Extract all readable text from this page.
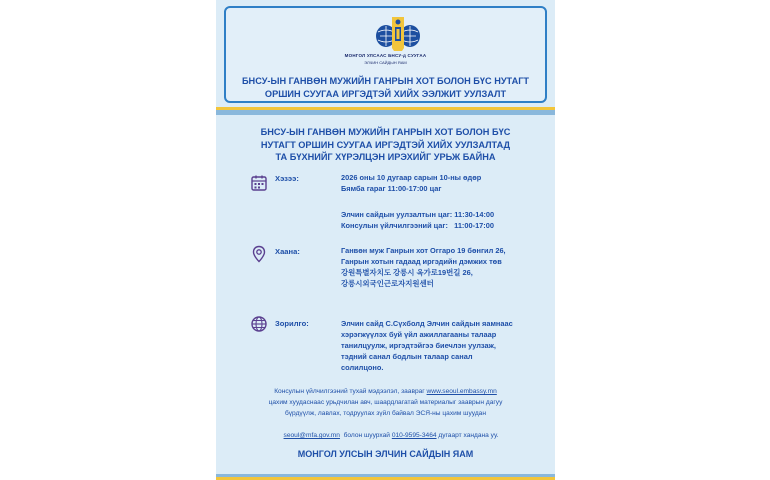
МОНГОЛ УЛСААС БНСУ-д СУУГАА
ЭЛЧИН САЙДЫН ЯАМ
БНСУ-ЫН ГАНВӨН МУЖИЙН ГАНРЫН ХОТ БОЛОН БҮС НУТАГТ
ОРШИН СУУГАА ИРГЭДТЭЙ ХИЙХ ЭЭЛЖИТ УУЛЗАЛТ
БНСУ-ЫН ГАНВӨН МУЖИЙН ГАНРЫН ХОТ БОЛОН БҮС
НУТАГТ ОРШИН СУУГАА ИРГЭДТЭЙ ХИЙХ УУЛЗАЛТАД
ТА БҮХНИЙГ ХҮРЭЛЦЭН ИРЭХИЙГ УРЬЖ БАЙНА
Хэзээ:	2026 оны 10 дугаар сарын 10-ны өдөр
Бямба гараг 11:00-17:00 цаг
Элчин сайдын уулзалтын цаг: 11:30-14:00
Консулын үйлчилгээний цаг:   11:00-17:00
Хаана:	Ганвөн муж Ганрын хот Оггаро 19 бөнгил 26,
Ганрын хотын гадаад иргэдийн дэмжих төв
강원특별자치도 강릉시 옥가로19번길 26,
강릉시외국인근로자지원센터
Зорилго:	Элчин сайд С.Сүхболд Элчин сайдын яамнаас
хэрэгжүүлэх буй үйл ажиллагааны талаар
танилцуулж, иргэдтэйгээ биечлэн уулзаж,
тэдний санал бодлын талаар санал
солилцоно.
Консулын үйлчилгээний тухай мэдээлэл, заавраг www.seoul.embassy.mn
цахим хуудаснаас урьдчилан авч, шаардлагатай материалыг зааврын дагуу
бүрдүүлж, лавлах, тодруулах зүйл байвал ЭСЯ-ны цахим шуудан

seoul@mfa.gov.mn  болон шуурхай 010-9595-3464 дугаарт хандана уу.

МОНГОЛ УЛСЫН ЭЛЧИН САЙДЫН ЯАМ
